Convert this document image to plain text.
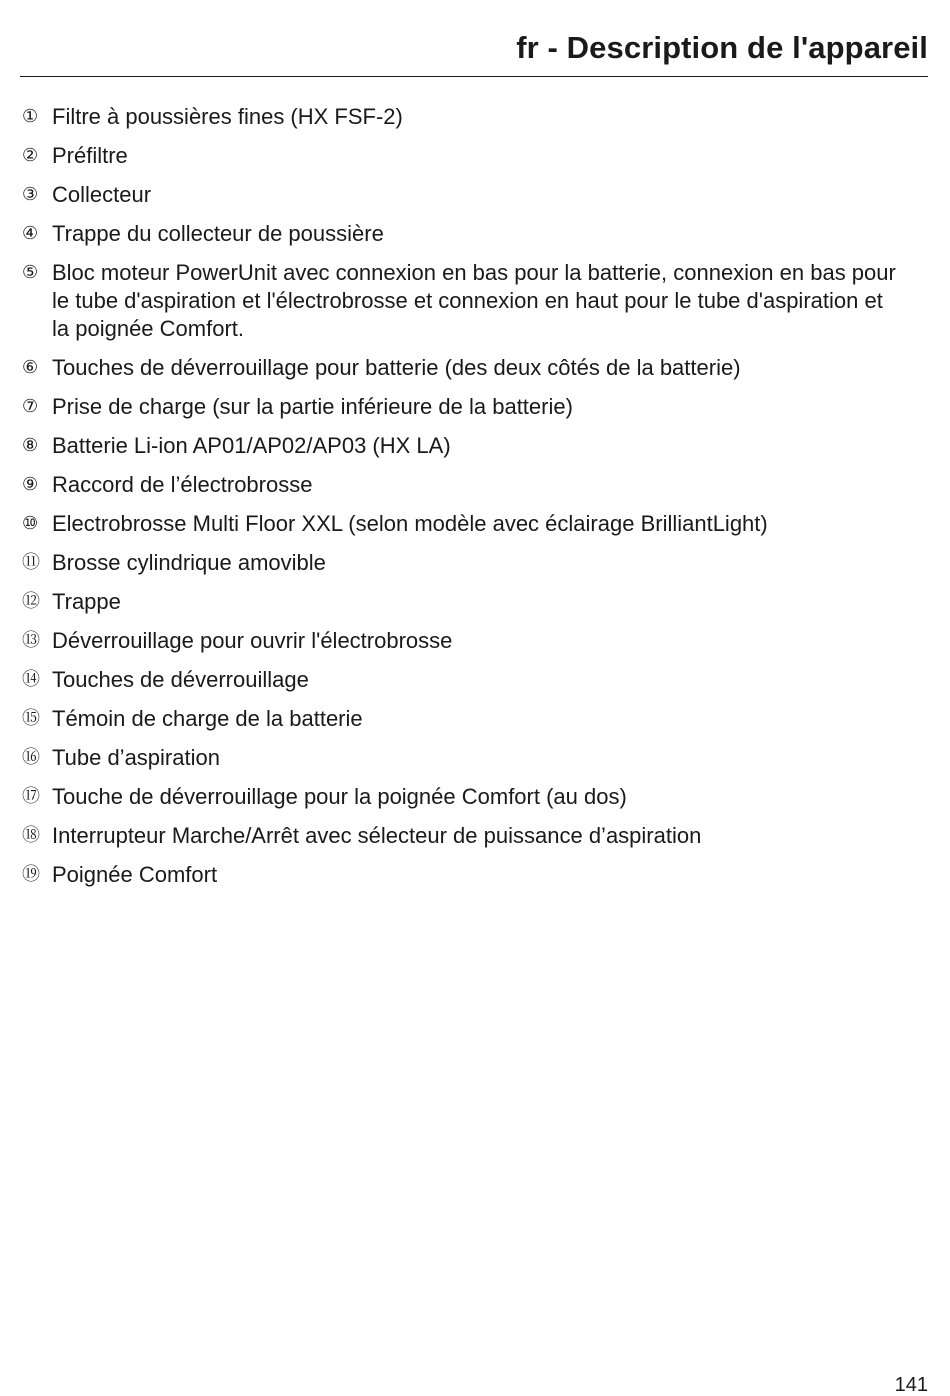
fr - Description de l'appareil
① Filtre à poussières fines (HX FSF-2)
② Préfiltre
③ Collecteur
④ Trappe du collecteur de poussière
⑤ Bloc moteur PowerUnit avec connexion en bas pour la batterie, connexion en bas pour le tube d'aspiration et l'électrobrosse et connexion en haut pour le tube d'aspiration et la poignée Comfort.
⑥ Touches de déverrouillage pour batterie (des deux côtés de la batterie)
⑦ Prise de charge (sur la partie inférieure de la batterie)
⑧ Batterie Li-ion AP01/AP02/AP03 (HX LA)
⑨ Raccord de l’électrobrosse
⑩ Electrobrosse Multi Floor XXL (selon modèle avec éclairage BrilliantLight)
⑪ Brosse cylindrique amovible
⑫ Trappe
⑬ Déverrouillage pour ouvrir l'électrobrosse
⑭ Touches de déverrouillage
⑮ Témoin de charge de la batterie
⑯ Tube d’aspiration
⑰ Touche de déverrouillage pour la poignée Comfort (au dos)
⑱ Interrupteur Marche/Arrêt avec sélecteur de puissance d’aspiration
⑲ Poignée Comfort
141
